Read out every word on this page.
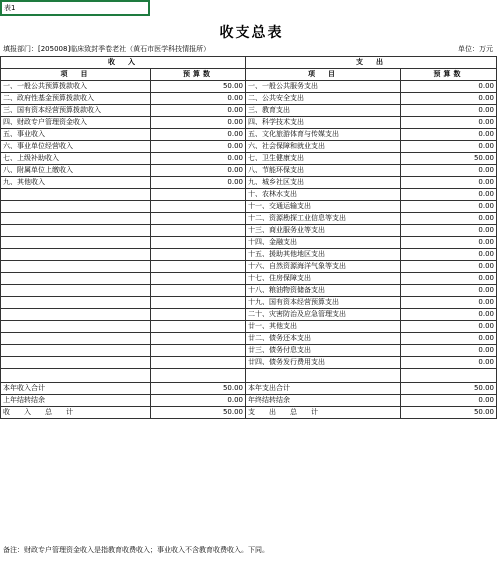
表1
收支总表
填报部门：[205008]临床致封季卷老社（黄石市医学科技情报所）	单位：万元
收　入		支　出	
项　目	预算数	项　目	预算数
一、一般公共预算拨款收入	50.00	一、一般公共服务支出	0.00
二、政府性基金预算拨款收入	0.00	二、公共安全支出	0.00
三、国有资本经营预算拨款收入	0.00	三、教育支出	0.00
四、财政专户管理资金收入	0.00	四、科学技术支出	0.00
五、事业收入	0.00	五、文化旅游体育与传媒支出	0.00
六、事业单位经营收入	0.00	六、社会保障和就业支出	0.00
七、上级补助收入	0.00	七、卫生健康支出	50.00
八、附属单位上缴收入	0.00	八、节能环保支出	0.00
九、其他收入	0.00	九、城乡社区支出	0.00
		十、农林水支出	0.00
		十一、交通运输支出	0.00
		十二、资源勘探工业信息等支出	0.00
		十三、商业服务业等支出	0.00
		十四、金融支出	0.00
		十五、援助其他地区支出	0.00
		十六、自然资源海洋气象等支出	0.00
		十七、住房保障支出	0.00
		十八、粮油物资储备支出	0.00
		十九、国有资本经营预算支出	0.00
		二十、灾害防治及应急管理支出	0.00
		廿一、其他支出	0.00
		廿二、债务还本支出	0.00
		廿三、债务付息支出	0.00
		廿四、债务发行费用支出	0.00

本年收入合计	50.00	本年支出合计	50.00
上年结转结余	0.00	年终结转结余	0.00
收　　入　　总　　计	50.00	支　　出　　总　　计	50.00
备注：财政专户管理资金收入是指教育收费收入；事业收入不含教育收费收入。下同。
